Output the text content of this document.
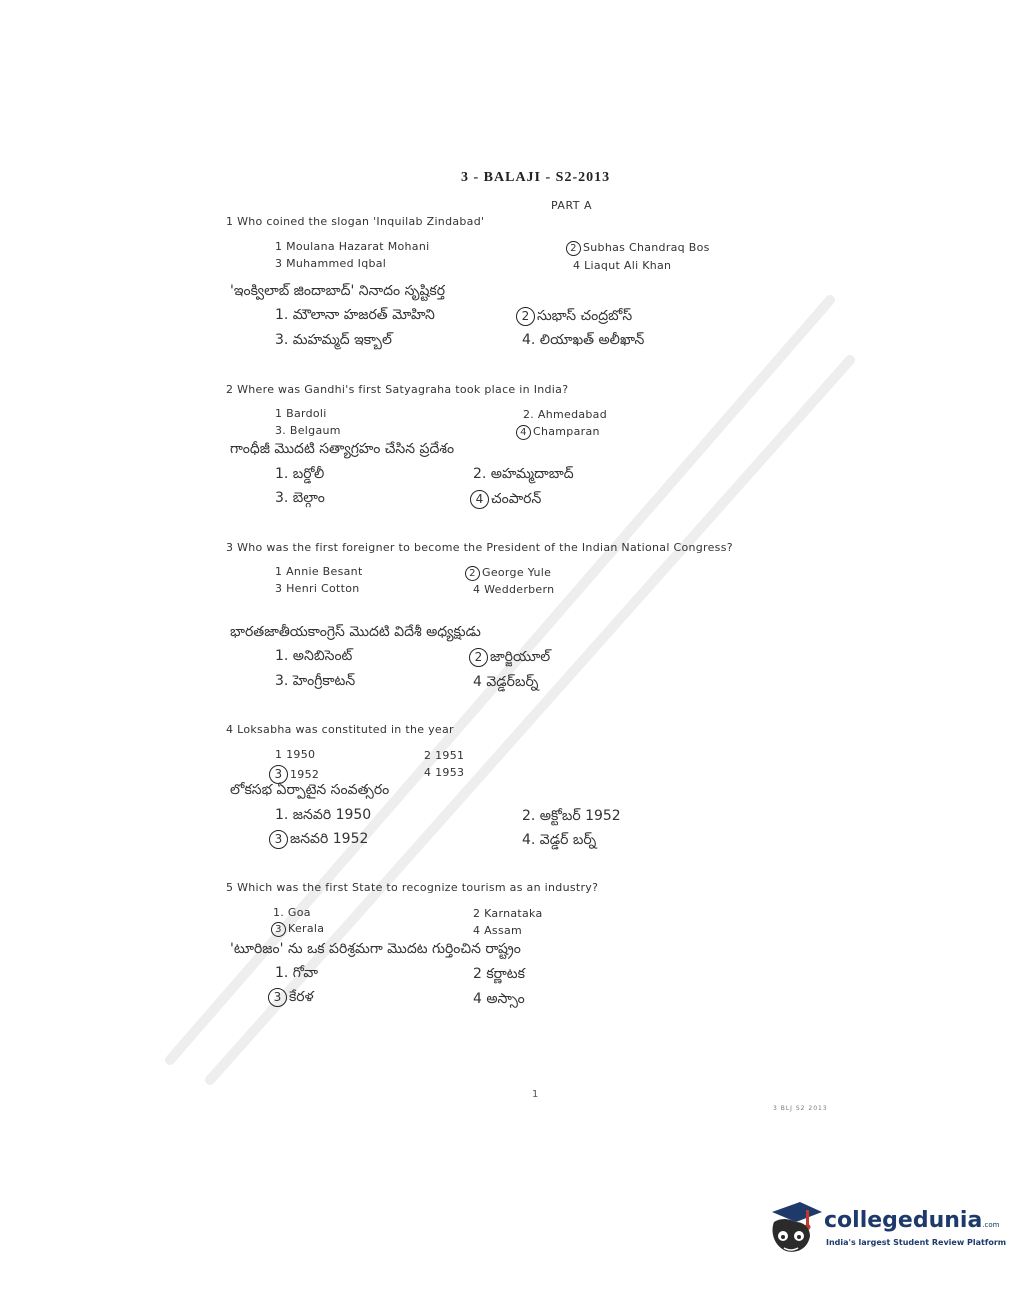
3 - BALAJI - S2-2013
PART A
1 Who coined the slogan 'Inquilab Zindabad'
1 Moulana Hazarat Mohani	2 Subhas Chandraq Bos
3 Muhammed Iqbal	4 Liaqut Ali Khan
'ఇంక్విలాబ్ జిందాబాద్' నినాదం సృష్టికర్త
1. మౌలానా హజరత్ మోహిని	2 సుభాస్ చంద్రబోస్
3. మహమ్మద్ ఇక్బాల్	4. లియాఖత్ అలీఖాన్
2 Where was Gandhi's first Satyagraha took place in India?
1 Bardoli	2. Ahmedabad
3. Belgaum	4 Champaran
గాంధీజీ మొదటి సత్యాగ్రహం చేసిన ప్రదేశం
1. బర్డోలీ	2. అహమ్మదాబాద్
3. బెల్గాం	4 చంపారన్
3 Who was the first foreigner to become the President of the Indian National Congress?
1 Annie Besant	2 George Yule
3 Henri Cotton	4 Wedderbern
భారతజాతీయకాంగ్రెస్ మొదటి విదేశీ అధ్యక్షుడు
1. అనిబిసెంట్	2 జార్జియూల్
3. హెంగ్రీకాటన్	4 వెడ్డర్‌బర్న్
4 Loksabha was constituted in the year
1 1950	2 1951
3 1952	4 1953
లోకసభ ఏర్పాటైన సంవత్సరం
1. జనవరి 1950	2. అక్టోబర్ 1952
3 జనవరి 1952	4. వెడ్డర్ బర్న్
5 Which was the first State to recognize tourism as an industry?
1. Goa	2 Karnataka
3 Kerala	4 Assam
'టూరిజం' ను ఒక పరిశ్రమగా మొదట గుర్తించిన రాష్ట్రం
1. గోవా	2 కర్ణాటక
3 కేరళ	4 అస్సాం
1
3 BLJ S2 2013
collegedunia.com
India's largest Student Review Platform
